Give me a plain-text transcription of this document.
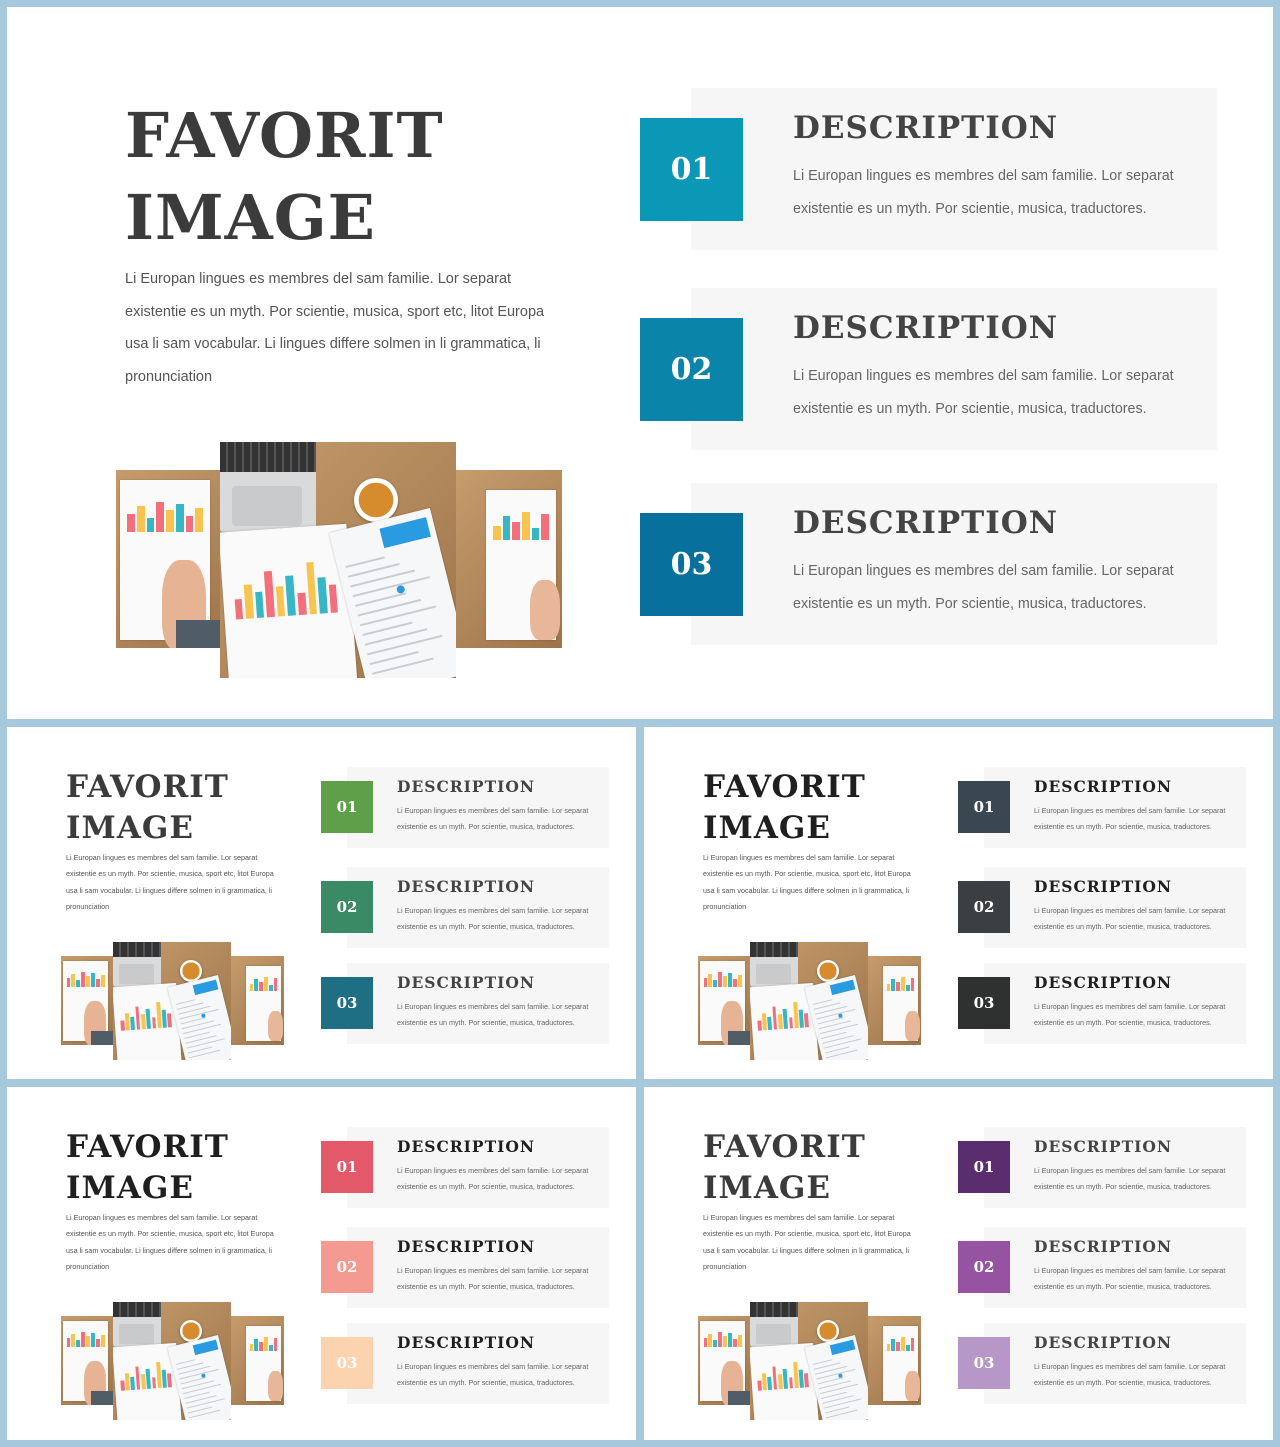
FAVORIT
IMAGE

Li Europan lingues es membres del sam familie. Lor separat existentie es un myth. Por scientie, musica, sport etc, litot Europa usa li sam vocabular. Li lingues differe solmen in li grammatica, li pronunciation

01
DESCRIPTION

Li Europan lingues es membres del sam familie. Lor separat existentie es un myth. Por scientie, musica, traductores.

02
DESCRIPTION

Li Europan lingues es membres del sam familie. Lor separat existentie es un myth. Por scientie, musica, traductores.

03
DESCRIPTION

Li Europan lingues es membres del sam familie. Lor separat existentie es un myth. Por scientie, musica, traductores.

FAVORIT
IMAGE

Li Europan lingues es membres del sam familie. Lor separat existentie es un myth. Por scientie, musica, sport etc, litot Europa usa li sam vocabular. Li lingues differe solmen in li grammatica, li pronunciation

01
DESCRIPTION

Li Europan lingues es membres del sam familie. Lor separat existentie es un myth. Por scientie, musica, traductores.

02
DESCRIPTION

Li Europan lingues es membres del sam familie. Lor separat existentie es un myth. Por scientie, musica, traductores.

03
DESCRIPTION

Li Europan lingues es membres del sam familie. Lor separat existentie es un myth. Por scientie, musica, traductores.

FAVORIT
IMAGE

Li Europan lingues es membres del sam familie. Lor separat existentie es un myth. Por scientie, musica, sport etc, litot Europa usa li sam vocabular. Li lingues differe solmen in li grammatica, li pronunciation

01
DESCRIPTION

Li Europan lingues es membres del sam familie. Lor separat existentie es un myth. Por scientie, musica, traductores.

02
DESCRIPTION

Li Europan lingues es membres del sam familie. Lor separat existentie es un myth. Por scientie, musica, traductores.

03
DESCRIPTION

Li Europan lingues es membres del sam familie. Lor separat existentie es un myth. Por scientie, musica, traductores.

FAVORIT
IMAGE

Li Europan lingues es membres del sam familie. Lor separat existentie es un myth. Por scientie, musica, sport etc, litot Europa usa li sam vocabular. Li lingues differe solmen in li grammatica, li pronunciation

01
DESCRIPTION

Li Europan lingues es membres del sam familie. Lor separat existentie es un myth. Por scientie, musica, traductores.

02
DESCRIPTION

Li Europan lingues es membres del sam familie. Lor separat existentie es un myth. Por scientie, musica, traductores.

03
DESCRIPTION

Li Europan lingues es membres del sam familie. Lor separat existentie es un myth. Por scientie, musica, traductores.

FAVORIT
IMAGE

Li Europan lingues es membres del sam familie. Lor separat existentie es un myth. Por scientie, musica, sport etc, litot Europa usa li sam vocabular. Li lingues differe solmen in li grammatica, li pronunciation

01
DESCRIPTION

Li Europan lingues es membres del sam familie. Lor separat existentie es un myth. Por scientie, musica, traductores.

02
DESCRIPTION

Li Europan lingues es membres del sam familie. Lor separat existentie es un myth. Por scientie, musica, traductores.

03
DESCRIPTION

Li Europan lingues es membres del sam familie. Lor separat existentie es un myth. Por scientie, musica, traductores.
